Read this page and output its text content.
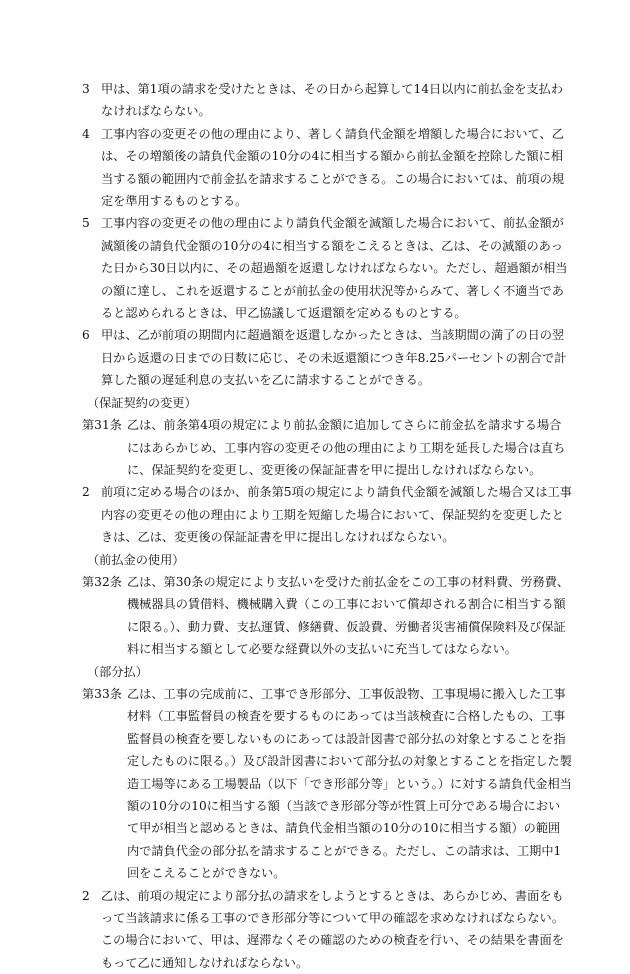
3 甲は、第1項の請求を受けたときは、その日から起算して14日以内に前払金を支払わなければならない。
4 工事内容の変更その他の理由により、著しく請負代金額を増額した場合において、乙は、その増額後の請負代金額の10分の4に相当する額から前払金額を控除した額に相当する額の範囲内で前金払を請求することができる。この場合においては、前項の規定を準用するものとする。
5 工事内容の変更その他の理由により請負代金額を減額した場合において、前払金額が減額後の請負代金額の10分の4に相当する額をこえるときは、乙は、その減額のあった日から30日以内に、その超過額を返還しなければならない。ただし、超過額が相当の額に達し、これを返還することが前払金の使用状況等からみて、著しく不適当であると認められるときは、甲乙協議して返還額を定めるものとする。
6 甲は、乙が前項の期間内に超過額を返還しなかったときは、当該期間の満了の日の翌日から返還の日までの日数に応じ、その未返還額につき年8.25パーセントの割合で計算した額の遅延利息の支払いを乙に請求することができる。
（保証契約の変更）
第31条 乙は、前条第4項の規定により前払金額に追加してさらに前金払を請求する場合にはあらかじめ、工事内容の変更その他の理由により工期を延長した場合は直ちに、保証契約を変更し、変更後の保証証書を甲に提出しなければならない。
2 前項に定める場合のほか、前条第5項の規定により請負代金額を減額した場合又は工事内容の変更その他の理由により工期を短縮した場合において、保証契約を変更したときは、乙は、変更後の保証証書を甲に提出しなければならない。
（前払金の使用）
第32条 乙は、第30条の規定により支払いを受けた前払金をこの工事の材料費、労務費、機械器具の賃借料、機械購入費（この工事において償却される割合に相当する額に限る。）、動力費、支払運賃、修繕費、仮設費、労働者災害補償保険料及び保証料に相当する額として必要な経費以外の支払いに充当してはならない。
（部分払）
第33条 乙は、工事の完成前に、工事でき形部分、工事仮設物、工事現場に搬入した工事材料（工事監督員の検査を要するものにあっては当該検査に合格したもの、工事監督員の検査を要しないものにあっては設計図書で部分払の対象とすることを指定したものに限る。）及び設計図書において部分払の対象とすることを指定した製造工場等にある工場製品（以下「でき形部分等」という。）に対する請負代金相当額の10分の10に相当する額（当該でき形部分等が性質上可分である場合において甲が相当と認めるときは、請負代金相当額の10分の10に相当する額）の範囲内で請負代金の部分払を請求することができる。ただし、この請求は、工期中1回をこえることができない。
2 乙は、前項の規定により部分払の請求をしようとするときは、あらかじめ、書面をもって当該請求に係る工事のでき形部分等について甲の確認を求めなければならない。この場合において、甲は、遅滞なくその確認のための検査を行い、その結果を書面をもって乙に通知しなければならない。
